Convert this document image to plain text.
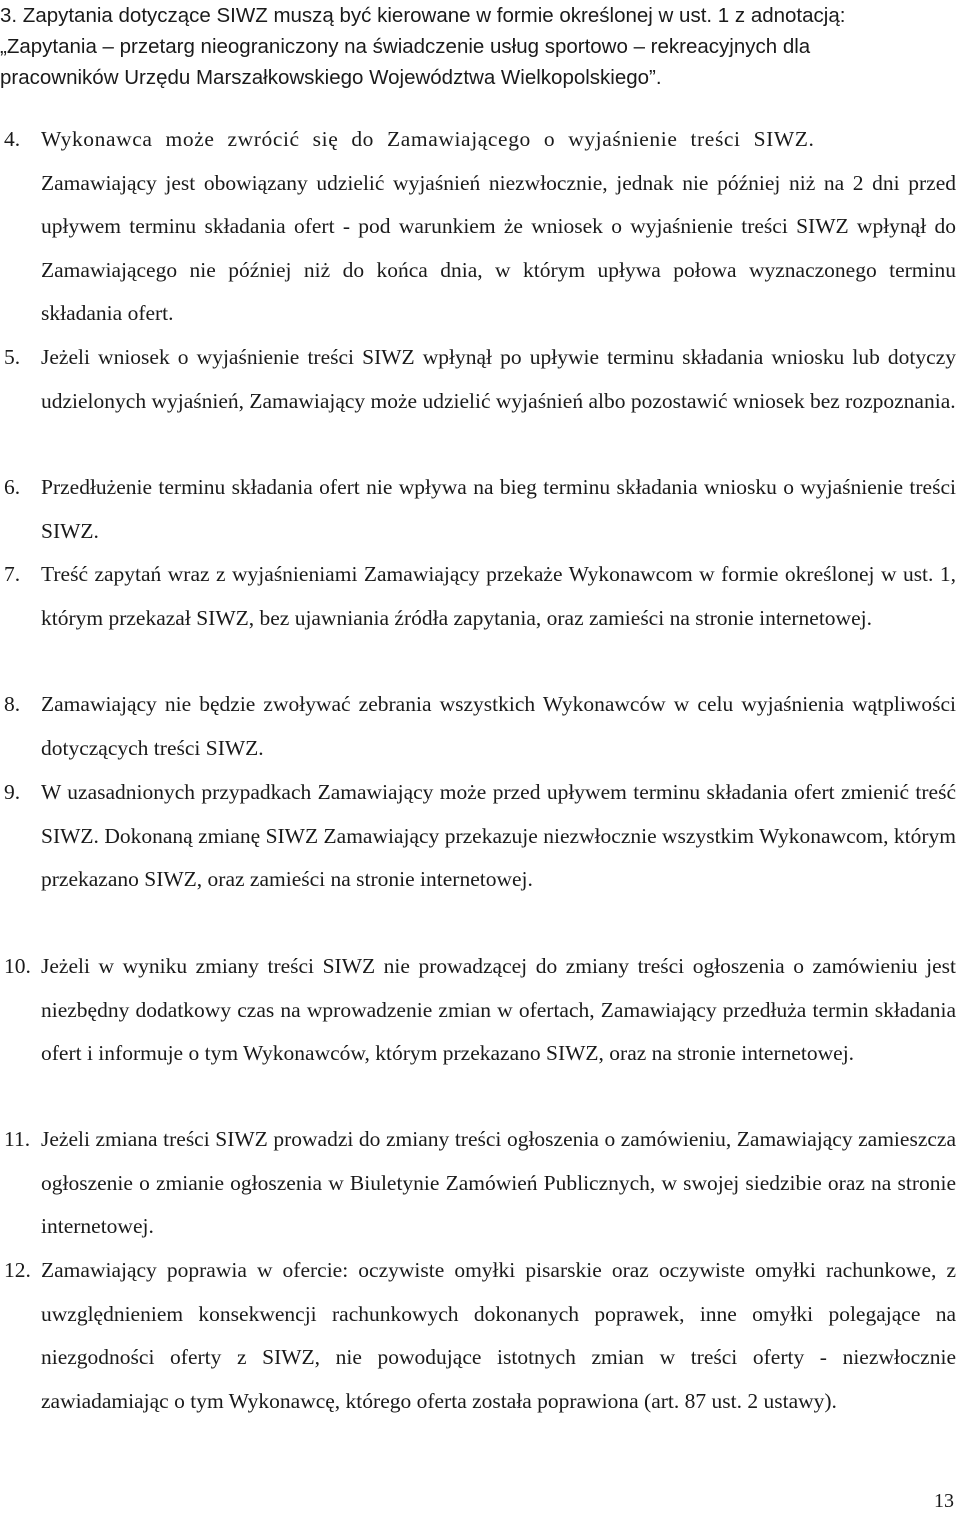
3. Zapytania dotyczące SIWZ muszą być kierowane w formie określonej w ust. 1 z adnotacją:

„Zapytania – przetarg nieograniczony na świadczenie usług sportowo – rekreacyjnych dla

pracowników Urzędu Marszałkowskiego Województwa Wielkopolskiego”.

4. Wykonawca może zwrócić się do Zamawiającego o wyjaśnienie treści SIWZ.
Zamawiający jest obowiązany udzielić wyjaśnień niezwłocznie, jednak nie później niż na 2 dni przed upływem terminu składania ofert - pod warunkiem że wniosek o wyjaśnienie treści SIWZ wpłynął do Zamawiającego nie później niż do końca dnia, w którym upływa połowa wyznaczonego terminu składania ofert.
5. Jeżeli wniosek o wyjaśnienie treści SIWZ wpłynął po upływie terminu składania wniosku lub dotyczy udzielonych wyjaśnień, Zamawiający może udzielić wyjaśnień albo pozostawić wniosek bez rozpoznania.
6. Przedłużenie terminu składania ofert nie wpływa na bieg terminu składania wniosku o wyjaśnienie treści SIWZ.
7. Treść zapytań wraz z wyjaśnieniami Zamawiający przekaże Wykonawcom w formie określonej w ust. 1, którym przekazał SIWZ, bez ujawniania źródła zapytania, oraz zamieści na stronie internetowej.
8. Zamawiający nie będzie zwoływać zebrania wszystkich Wykonawców w celu wyjaśnienia wątpliwości dotyczących treści SIWZ.
9. W uzasadnionych przypadkach Zamawiający może przed upływem terminu składania ofert zmienić treść SIWZ. Dokonaną zmianę SIWZ Zamawiający przekazuje niezwłocznie wszystkim Wykonawcom, którym przekazano SIWZ, oraz zamieści na stronie internetowej.
10. Jeżeli w wyniku zmiany treści SIWZ nie prowadzącej do zmiany treści ogłoszenia o zamówieniu jest niezbędny dodatkowy czas na wprowadzenie zmian w ofertach, Zamawiający przedłuża termin składania ofert i informuje o tym Wykonawców, którym przekazano SIWZ, oraz na stronie internetowej.
11. Jeżeli zmiana treści SIWZ prowadzi do zmiany treści ogłoszenia o zamówieniu, Zamawiający zamieszcza ogłoszenie o zmianie ogłoszenia w Biuletynie Zamówień Publicznych, w swojej siedzibie oraz na stronie internetowej.
12. Zamawiający poprawia w ofercie: oczywiste omyłki pisarskie oraz oczywiste omyłki rachunkowe, z uwzględnieniem konsekwencji rachunkowych dokonanych poprawek, inne omyłki polegające na niezgodności oferty z SIWZ, nie powodujące istotnych zmian w treści oferty - niezwłocznie zawiadamiając o tym Wykonawcę, którego oferta została poprawiona (art. 87 ust. 2 ustawy).
13
